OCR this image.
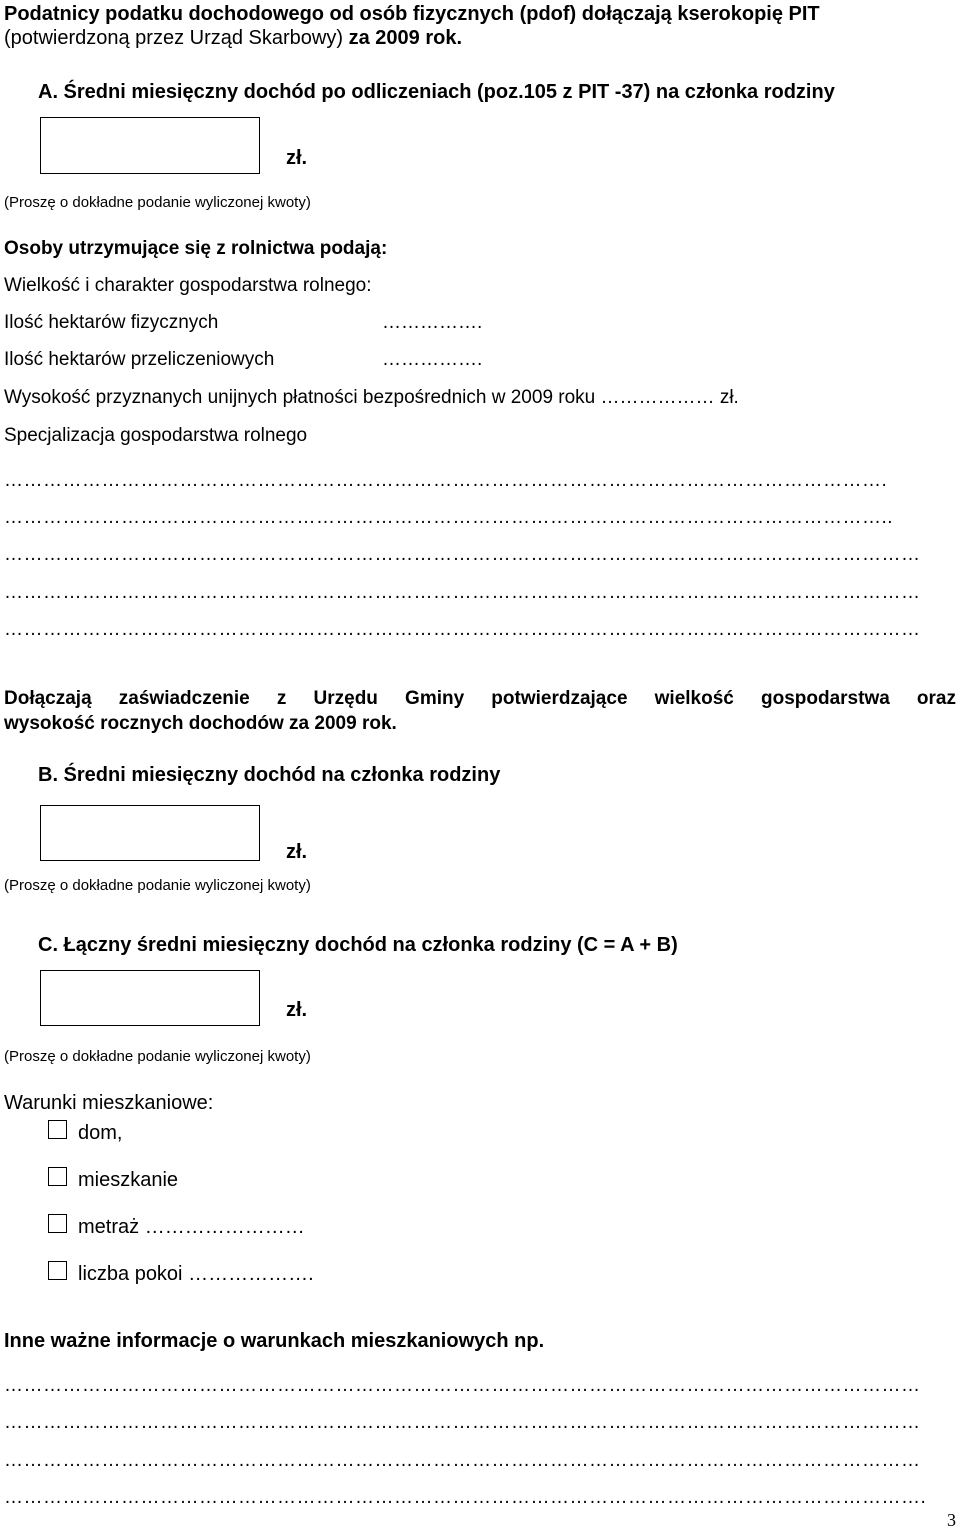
Podatnicy podatku dochodowego od osób fizycznych (pdof) dołączają kserokopię PIT
(potwierdzoną przez Urząd Skarbowy) za 2009 rok.
A. Średni miesięczny dochód po odliczeniach (poz.105 z PIT -37) na członka rodziny
zł.
(Proszę o dokładne podanie wyliczonej kwoty)
Osoby utrzymujące się z rolnictwa podają:
Wielkość i charakter gospodarstwa rolnego:
Ilość hektarów fizycznych	…………….
Ilość hektarów przeliczeniowych	…………….
Wysokość przyznanych unijnych płatności bezpośrednich w 2009 roku ……………… zł.
Specjalizacja gospodarstwa rolnego
……………………………………………………………………………………………………………………….
………………………………………………………………………………………………………………………..
……………………………………………………………………………………………………………………………
……………………………………………………………………………………………………………………………
……………………………………………………………………………………………………………………………
Dołączają zaświadczenie z Urzędu Gminy potwierdzające wielkość gospodarstwa oraz
wysokość rocznych dochodów za 2009 rok.
B. Średni miesięczny dochód na członka rodziny
zł.
(Proszę o dokładne podanie wyliczonej kwoty)
C. Łączny średni miesięczny dochód na członka rodziny (C = A + B)
zł.
(Proszę o dokładne podanie wyliczonej kwoty)
Warunki mieszkaniowe:
dom,
mieszkanie
metraż ……………………
liczba pokoi ……………….
Inne ważne informacje o warunkach mieszkaniowych np.
……………………………………………………………………………………………………………………………
……………………………………………………………………………………………………………………………
……………………………………………………………………………………………………………………………
…………………………………………………………………………………………………………………………….
3
